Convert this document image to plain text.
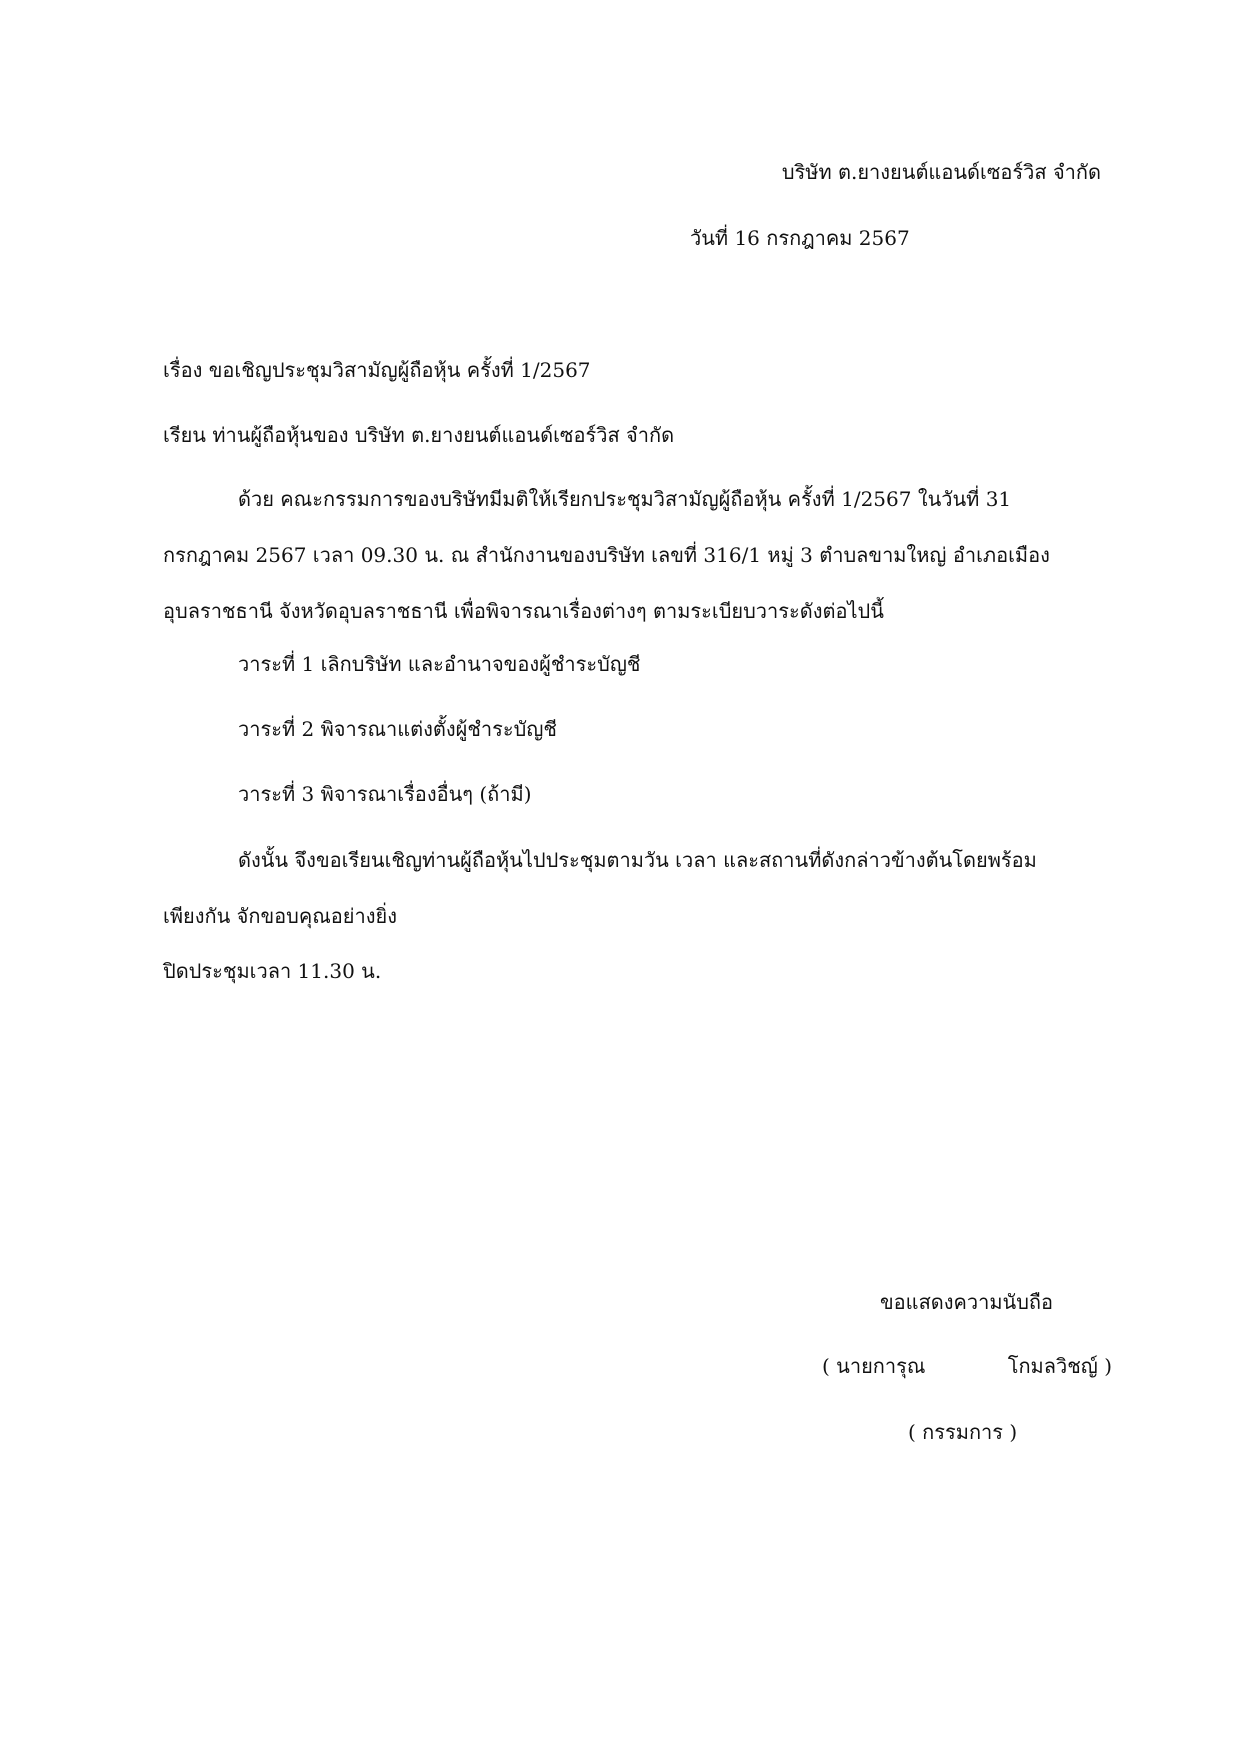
บริษัท ต.ยางยนต์แอนด์เซอร์วิส จำกัด
วันที่ 16 กรกฎาคม 2567
เรื่อง ขอเชิญประชุมวิสามัญผู้ถือหุ้น ครั้งที่ 1/2567
เรียน ท่านผู้ถือหุ้นของ บริษัท ต.ยางยนต์แอนด์เซอร์วิส จำกัด
ด้วย คณะกรรมการของบริษัทมีมติให้เรียกประชุมวิสามัญผู้ถือหุ้น ครั้งที่ 1/2567 ในวันที่ 31
กรกฎาคม 2567 เวลา 09.30 น. ณ สำนักงานของบริษัท เลขที่ 316/1 หมู่ 3 ตำบลขามใหญ่ อำเภอเมือง
อุบลราชธานี จังหวัดอุบลราชธานี เพื่อพิจารณาเรื่องต่างๆ ตามระเบียบวาระดังต่อไปนี้
วาระที่ 1 เลิกบริษัท และอำนาจของผู้ชำระบัญชี
วาระที่ 2 พิจารณาแต่งตั้งผู้ชำระบัญชี
วาระที่ 3 พิจารณาเรื่องอื่นๆ (ถ้ามี)
ดังนั้น จึงขอเรียนเชิญท่านผู้ถือหุ้นไปประชุมตามวัน เวลา และสถานที่ดังกล่าวข้างต้นโดยพร้อม
เพียงกัน จักขอบคุณอย่างยิ่ง
ปิดประชุมเวลา 11.30 น.
ขอแสดงความนับถือ
( นายการุณ	โกมลวิชญ์ )
( กรรมการ )
